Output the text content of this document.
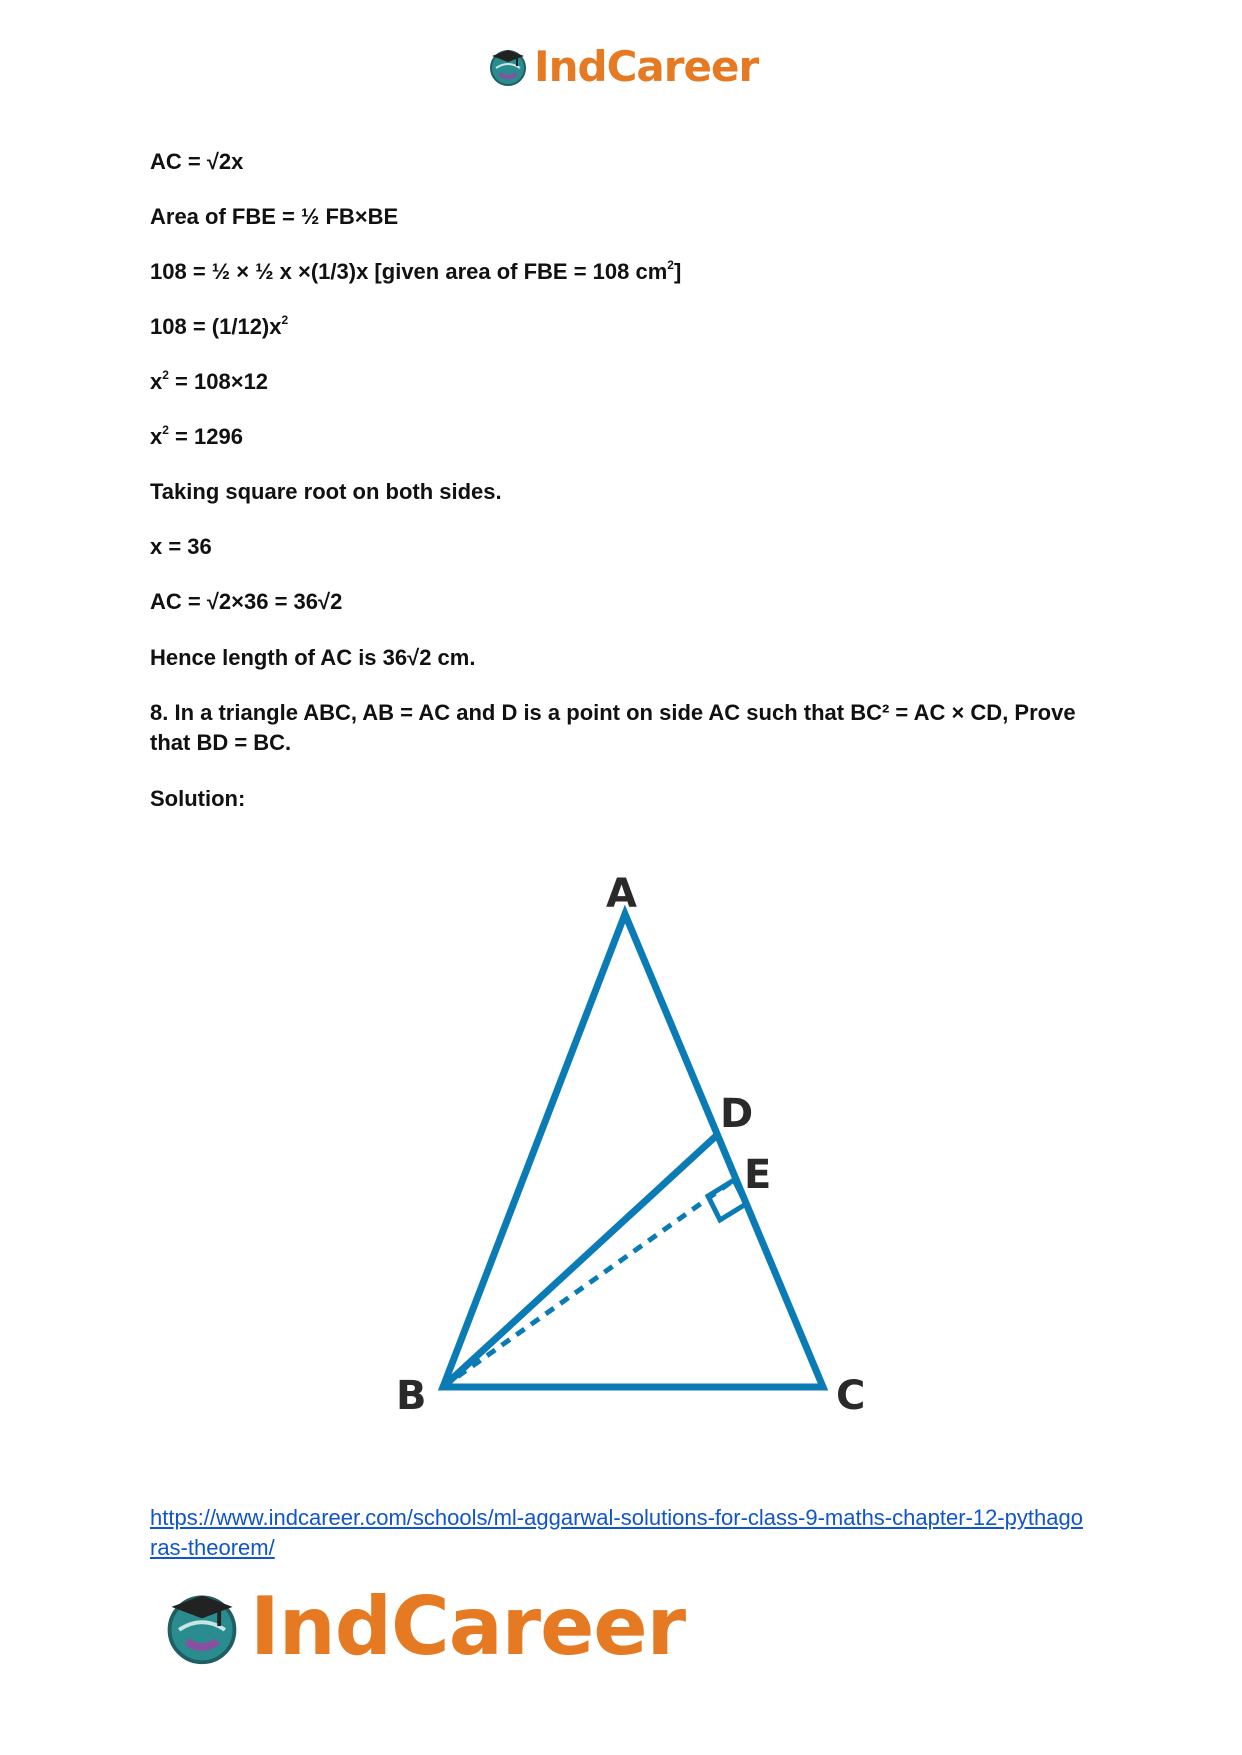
IndCareer
AC = √2x
Area of FBE = ½ FB×BE
108 = ½ × ½ x ×(1/3)x [given area of FBE = 108 $cm^2$]
$108 = (1/12)x^2$
$x^2 = 108\times 12$
$x^2 = 1296$
Taking square root on both sides.
x = 36
AC = √2×36 = 36√2
Hence length of AC is 36√2 cm.
8. In a triangle ABC, AB = AC and D is a point on side AC such that BC² = AC × CD, Prove that BD = BC.
Solution:
A
D
E
B	C
https://www.indcareer.com/schools/ml-aggarwal-solutions-for-class-9-maths-chapter-12-pythagoras-theorem/
IndCareer
